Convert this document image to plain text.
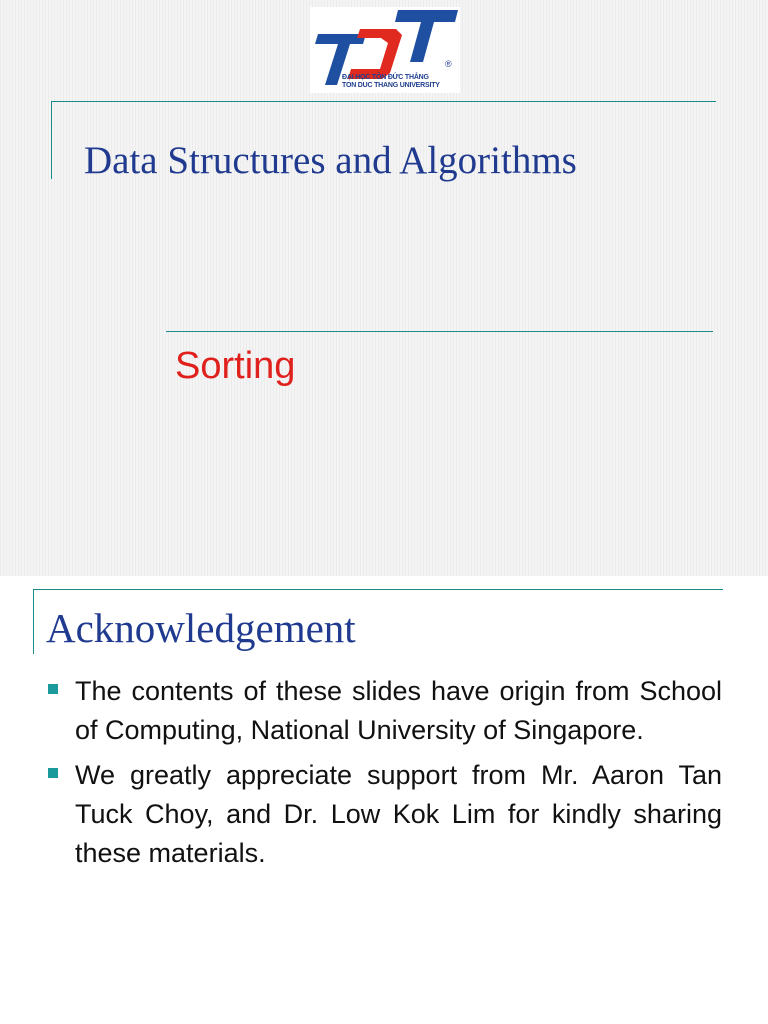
®
ĐẠI HỌC TÔN ĐỨC THẮNG
TON DUC THANG UNIVERSITY
Data Structures and Algorithms
Sorting
Acknowledgement
The contents of these slides have origin from School of Computing, National University of Singapore.
We greatly appreciate support from Mr. Aaron Tan Tuck Choy, and Dr. Low Kok Lim for kindly sharing these materials.
